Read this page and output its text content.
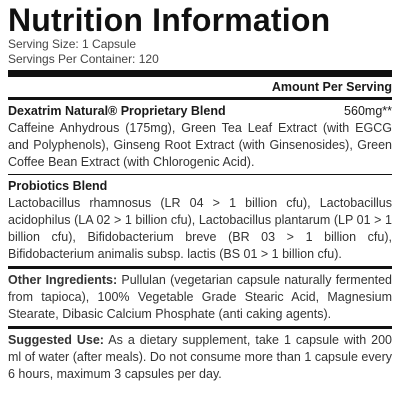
Nutrition Information
Serving Size: 1 Capsule
Servings Per Container: 120
Amount Per Serving
Dexatrim Natural® Proprietary Blend	560mg**
Caffeine Anhydrous (175mg), Green Tea Leaf Extract (with EGCG and Polyphenols), Ginseng Root Extract (with Ginsenosides), Green Coffee Bean Extract (with Chlorogenic Acid).
Probiotics Blend
Lactobacillus rhamnosus (LR 04 > 1 billion cfu), Lactobacillus acidophilus (LA 02 > 1 billion cfu), Lactobacillus plantarum (LP 01 > 1 billion cfu), Bifidobacterium breve (BR 03 > 1 billion cfu), Bifidobacterium animalis subsp. lactis (BS 01 > 1 billion cfu).
Other Ingredients: Pullulan (vegetarian capsule naturally fermented from tapioca), 100% Vegetable Grade Stearic Acid, Magnesium Stearate, Dibasic Calcium Phosphate (anti caking agents).
Suggested Use: As a dietary supplement, take 1 capsule with 200 ml of water (after meals). Do not consume more than 1 capsule every 6 hours, maximum 3 capsules per day.
